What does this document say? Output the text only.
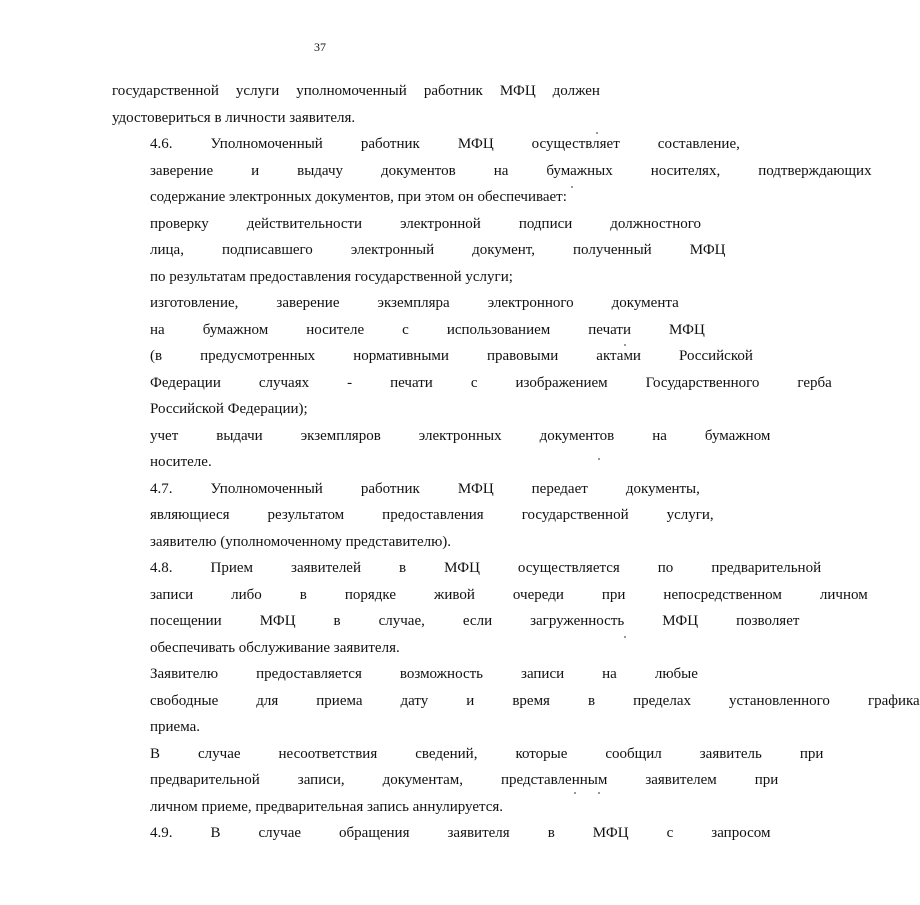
37
государственной услуги уполномоченный работник МФЦ должен
удостовериться в личности заявителя.
4.6.	Уполномоченный	работник	МФЦ	осуществляет	составление,
заверение	и	выдачу	документов	на	бумажных	носителях,	подтверждающих
содержание электронных документов, при этом он обеспечивает:
проверку	действительности	электронной	подписи	должностного
лица,	подписавшего	электронный	документ,	полученный	МФЦ
по результатам предоставления государственной услуги;
изготовление,	заверение	экземпляра	электронного	документа
на	бумажном	носителе	с	использованием	печати	МФЦ
(в	предусмотренных	нормативными	правовыми	актами	Российской
Федерации	случаях	-	печати	с	изображением	Государственного	герба
Российской Федерации);
учет	выдачи	экземпляров	электронных	документов	на	бумажном
носителе.
4.7.	Уполномоченный	работник	МФЦ	передает	документы,
являющиеся	результатом	предоставления	государственной	услуги,
заявителю (уполномоченному представителю).
4.8.	Прием	заявителей	в	МФЦ	осуществляется	по	предварительной
записи	либо	в	порядке	живой	очереди	при	непосредственном	личном
посещении	МФЦ	в	случае,	если	загруженность	МФЦ	позволяет
обеспечивать обслуживание заявителя.
Заявителю	предоставляется	возможность	записи	на	любые
свободные	для	приема	дату	и	время	в	пределах	установленного	графика
приема.
В	случае	несоответствия	сведений,	которые	сообщил	заявитель	при
предварительной	записи,	документам,	представленным	заявителем	при
личном приеме, предварительная запись аннулируется.
4.9.	В	случае	обращения	заявителя	в	МФЦ	с	запросом
